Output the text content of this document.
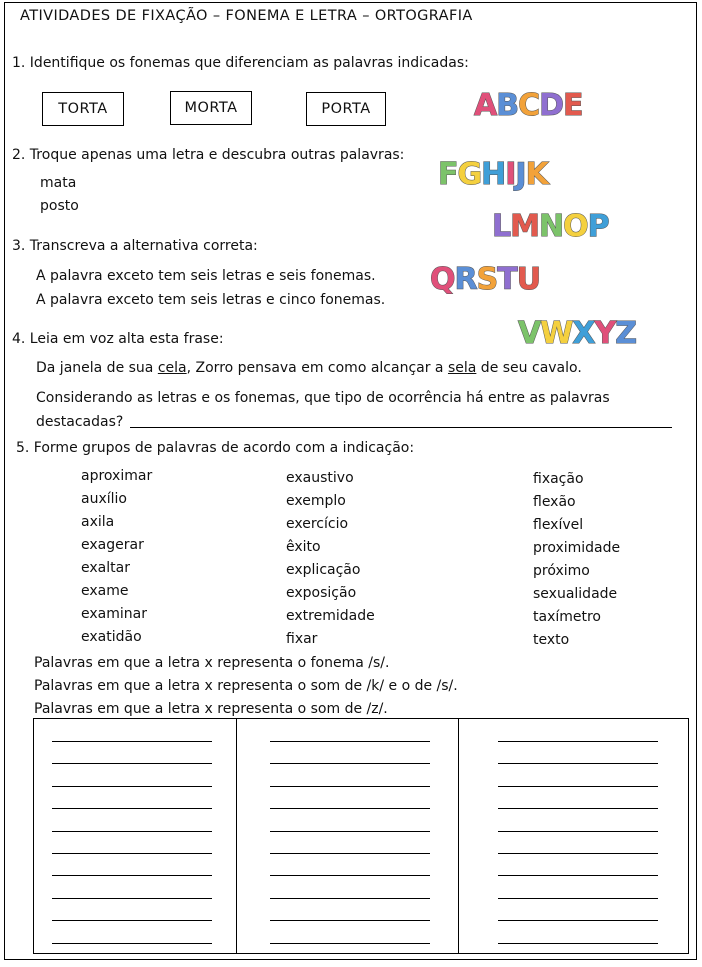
ATIVIDADES DE FIXAÇÃO – FONEMA E LETRA – ORTOGRAFIA
1. Identifique os fonemas que diferenciam as palavras indicadas:
TORTA	MORTA	PORTA
2. Troque apenas uma letra e descubra outras palavras:
mata
posto
3. Transcreva a alternativa correta:
A palavra exceto tem seis letras e seis fonemas.
A palavra exceto tem seis letras e cinco fonemas.
4. Leia em voz alta esta frase:
Da janela de sua cela, Zorro pensava em como alcançar a sela de seu cavalo.
Considerando as letras e os fonemas, que tipo de ocorrência há entre as palavras
destacadas?
5. Forme grupos de palavras de acordo com a indicação:
aproximar
auxílio
axila
exagerar
exaltar
exame
examinar
exatidão
exaustivo
exemplo
exercício
êxito
explicação
exposição
extremidade
fixar
fixação
flexão
flexível
proximidade
próximo
sexualidade
taxímetro
texto
Palavras em que a letra x representa o fonema /s/.
Palavras em que a letra x representa o som de /k/ e o de /s/.
Palavras em que a letra x representa o som de /z/.
ABCDE
FGHIJK
LMNOP
QRSTU
VWXYZ
